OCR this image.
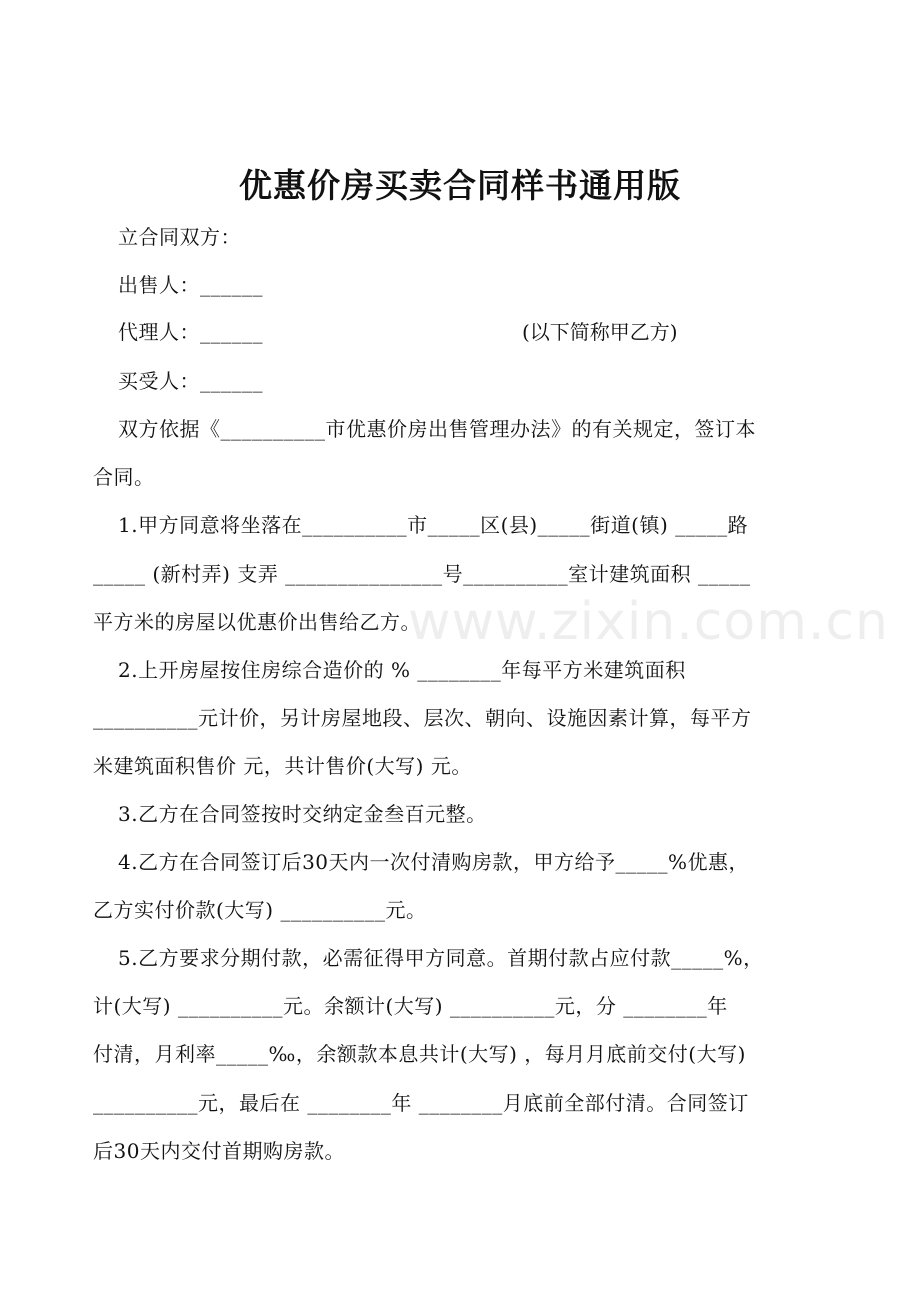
www.zixin.com.cn
优惠价房买卖合同样书通用版
立合同双方：
出售人：______
代理人：______	(以下简称甲乙方)
买受人：______
双方依据《__________市优惠价房出售管理办法》的有关规定，签订本
合同。
1.甲方同意将坐落在__________市_____区(县)_____街道(镇) _____路
_____ (新村弄) 支弄 _______________号__________室计建筑面积 _____
平方米的房屋以优惠价出售给乙方。
2.上开房屋按住房综合造价的 % ________年每平方米建筑面积
__________元计价，另计房屋地段、层次、朝向、设施因素计算，每平方
米建筑面积售价 元，共计售价(大写) 元。
3.乙方在合同签按时交纳定金叁百元整。
4.乙方在合同签订后30天内一次付清购房款，甲方给予_____%优惠，
乙方实付价款(大写) __________元。
5.乙方要求分期付款，必需征得甲方同意。首期付款占应付款_____%，
计(大写) __________元。余额计(大写) __________元，分 ________年
付清，月利率_____‰，余额款本息共计(大写) ，每月月底前交付(大写)
__________元，最后在 ________年 ________月底前全部付清。合同签订
后30天内交付首期购房款。
